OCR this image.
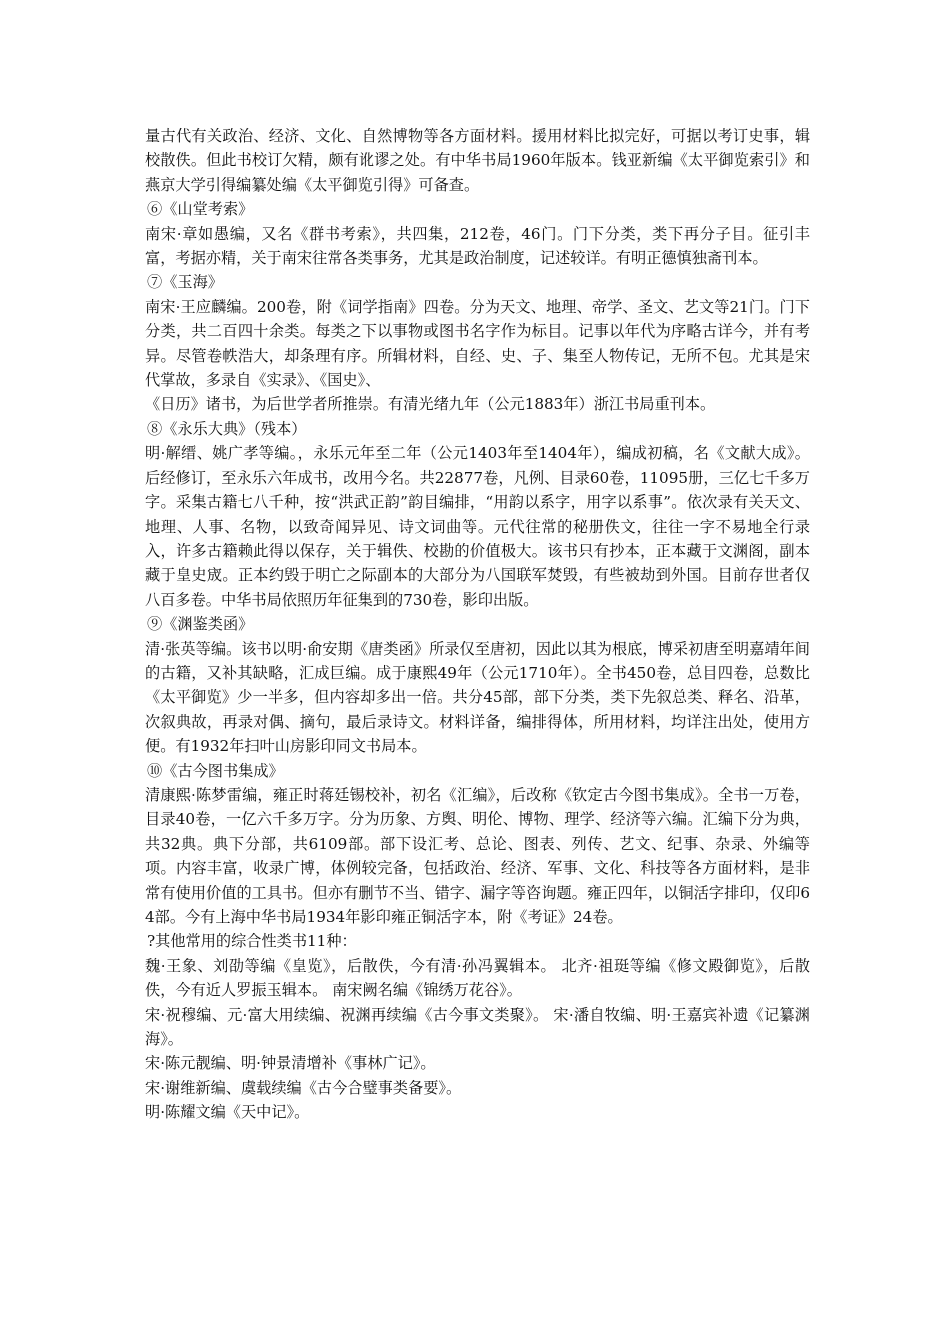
量古代有关政治、经济、文化、自然博物等各方面材料。援用材料比拟完好，可据以考订史事，辑校散佚。但此书校订欠精，颇有讹谬之处。有中华书局1960年版本。钱亚新编《太平御览索引》和燕京大学引得编纂处编《太平御览引得》可备查。

⑥《山堂考索》

南宋·章如愚编，又名《群书考索》，共四集，212卷，46门。门下分类，类下再分子目。征引丰富，考据亦精，关于南宋往常各类事务，尤其是政治制度，记述较详。有明正德慎独斋刊本。

⑦《玉海》

南宋·王应麟编。200卷，附《词学指南》四卷。分为天文、地理、帝学、圣文、艺文等21门。门下分类，共二百四十余类。每类之下以事物或图书名字作为标目。记事以年代为序略古详今，并有考异。尽管卷帙浩大，却条理有序。所辑材料，自经、史、子、集至人物传记，无所不包。尤其是宋代掌故，多录自《实录》、《国史》、

《日历》诸书，为后世学者所推崇。有清光绪九年（公元1883年）浙江书局重刊本。

⑧《永乐大典》（残本）

明·解缙、姚广孝等编。，永乐元年至二年（公元1403年至1404年），编成初稿，名《文献大成》。后经修订，至永乐六年成书，改用今名。共22877卷，凡例、目录60卷，11095册，三亿七千多万字。采集古籍七八千种，按“洪武正韵”韵目编排，“用韵以系字，用字以系事”。依次录有关天文、地理、人事、名物，以致奇闻异见、诗文词曲等。元代往常的秘册佚文，往往一字不易地全行录入，许多古籍赖此得以保存，关于辑佚、校勘的价值极大。该书只有抄本，正本藏于文渊阁，副本藏于皇史宬。正本约毁于明亡之际副本的大部分为八国联军焚毁，有些被劫到外国。目前存世者仅八百多卷。中华书局依照历年征集到的730卷，影印出版。

⑨《渊鉴类函》

清·张英等编。该书以明·俞安期《唐类函》所录仅至唐初，因此以其为根底，博采初唐至明嘉靖年间的古籍，又补其缺略，汇成巨编。成于康熙49年（公元1710年）。全书450卷，总目四卷，总数比《太平御览》少一半多，但内容却多出一倍。共分45部，部下分类，类下先叙总类、释名、沿革，次叙典故，再录对偶、摘句，最后录诗文。材料详备，编排得体，所用材料，均详注出处，使用方便。有1932年扫叶山房影印同文书局本。

⑩《古今图书集成》

清康熙·陈梦雷编，雍正时蒋廷锡校补，初名《汇编》，后改称《钦定古今图书集成》。全书一万卷，目录40卷，一亿六千多万字。分为历象、方舆、明伦、博物、理学、经济等六编。汇编下分为典，共32典。典下分部，共6109部。部下设汇考、总论、图表、列传、艺文、纪事、杂录、外编等项。内容丰富，收录广博，体例较完备，包括政治、经济、军事、文化、科技等各方面材料，是非常有使用价值的工具书。但亦有删节不当、错字、漏字等咨询题。雍正四年，以铜活字排印，仅印64部。今有上海中华书局1934年影印雍正铜活字本，附《考证》24卷。

?其他常用的综合性类书11种：

魏·王象、刘劭等编《皇览》，后散佚，今有清·孙冯翼辑本。 北齐·祖珽等编《修文殿御览》，后散佚，今有近人罗振玉辑本。 南宋阙名编《锦绣万花谷》。

宋·祝穆编、元·富大用续编、祝渊再续编《古今事文类聚》。 宋·潘自牧编、明·王嘉宾补遗《记纂渊海》。

宋·陈元靓编、明·钟景清增补《事林广记》。

宋·谢维新编、虞载续编《古今合璧事类备要》。

明·陈耀文编《天中记》。
